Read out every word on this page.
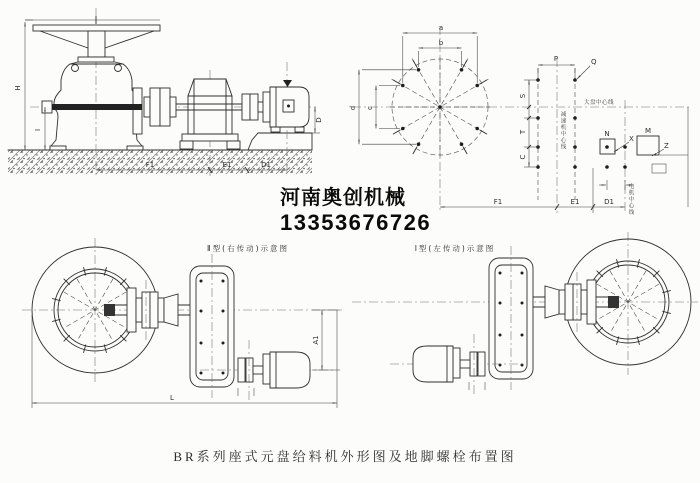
H
I
D
F1	E1	D1
a
b
d c
P	Q
S
T
C
大盘中心线
N	M
X
Z
F1	E1	D1
A1
L
Ⅱ型(右传动)示意图	Ⅰ型(左传动)示意图
BR系列座式元盘给料机外形图及地脚螺栓布置图
减速机中心线
电机中心线
河南奥创机械
13353676726
